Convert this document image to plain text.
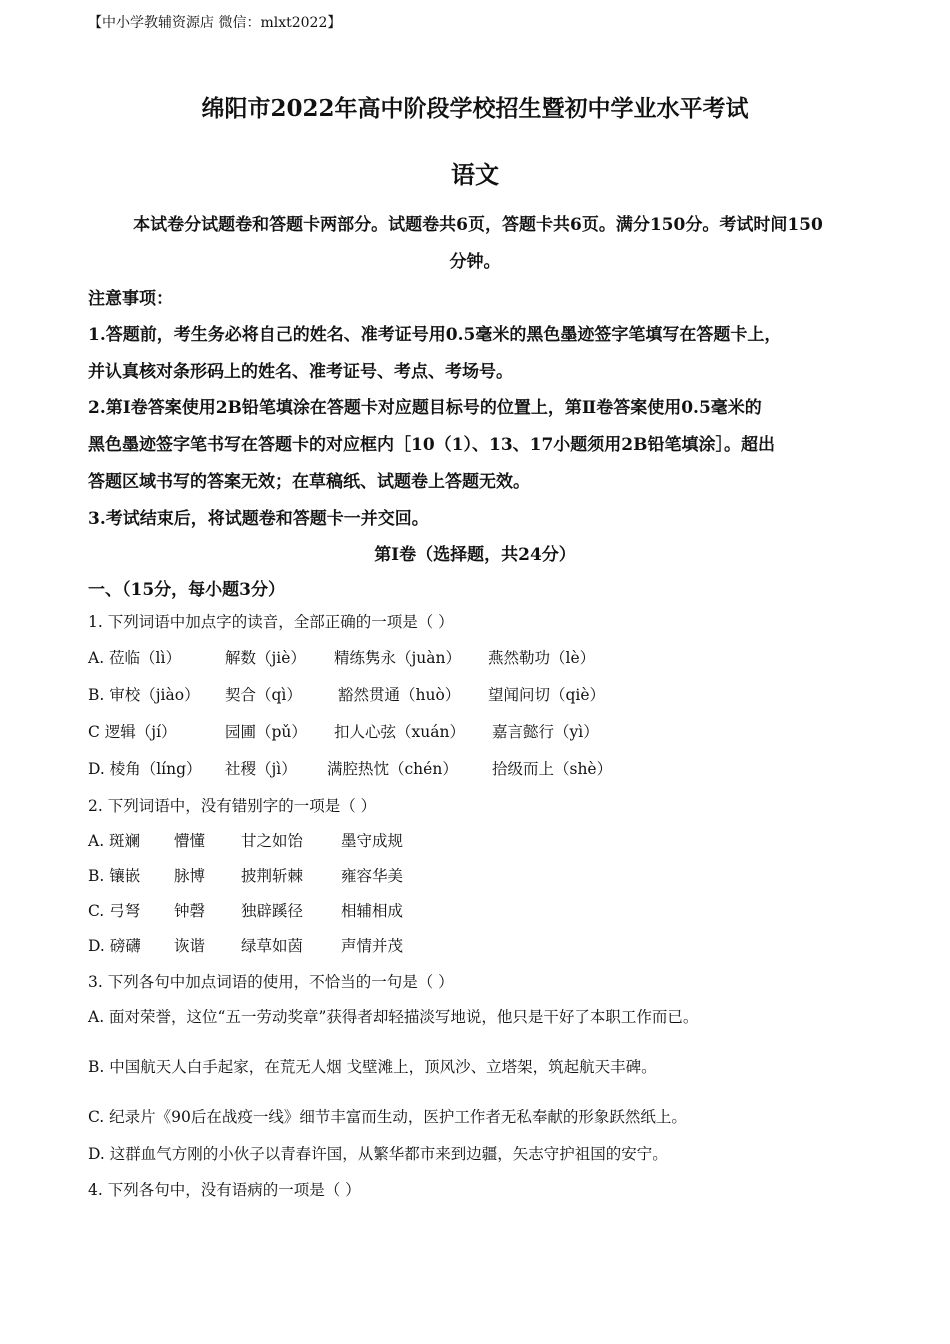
【中小学教辅资源店 微信：mlxt2022】
绵阳市2022年高中阶段学校招生暨初中学业水平考试
语文
本试卷分试题卷和答题卡两部分。试题卷共6页，答题卡共6页。满分150分。考试时间150
分钟。
注意事项：
1.答题前，考生务必将自己的姓名、准考证号用0.5毫米的黑色墨迹签字笔填写在答题卡上，
并认真核对条形码上的姓名、准考证号、考点、考场号。
2.第Ⅰ卷答案使用2B铅笔填涂在答题卡对应题目标号的位置上，第Ⅱ卷答案使用0.5毫米的
黑色墨迹签字笔书写在答题卡的对应框内［10（1）、13、17小题须用2B铅笔填涂］。超出
答题区域书写的答案无效；在草稿纸、试题卷上答题无效。
3.考试结束后，将试题卷和答题卡一并交回。
第Ⅰ卷（选择题，共24分）
一、（15分，每小题3分）
1. 下列词语中加点字的读音，全部正确的一项是（ ）
A. 莅临（lì）	解数（jiè） 精练隽永（juàn） 燕然勒功（lè）
B. 审校（jiào） 契合（qì） 豁然贯通（huò） 望闻问切（qiè）
C 逻辑（jí）	园圃（pǔ） 扣人心弦（xuán） 嘉言懿行（yì）
D. 棱角（líng） 社稷（jì） 满腔热忱（chén） 拾级而上（shè）
2. 下列词语中，没有错别字的一项是（ ）
A. 斑斓 懵懂 甘之如饴 墨守成规
B. 镶嵌 脉博 披荆斩棘 雍容华美
C. 弓弩 钟磬 独辟蹊径 相辅相成
D. 磅礴 诙谐 绿草如茵 声情并茂
3. 下列各句中加点词语的使用，不恰当的一句是（ ）
A. 面对荣誉，这位“五一劳动奖章”获得者却轻描淡写地说，他只是干好了本职工作而已。
B. 中国航天人白手起家，在荒无人烟 戈壁滩上，顶风沙、立塔架，筑起航天丰碑。
C. 纪录片《90后在战疫一线》细节丰富而生动，医护工作者无私奉献的形象跃然纸上。
D. 这群血气方刚的小伙子以青春许国，从繁华都市来到边疆，矢志守护祖国的安宁。
4. 下列各句中，没有语病的一项是（ ）
